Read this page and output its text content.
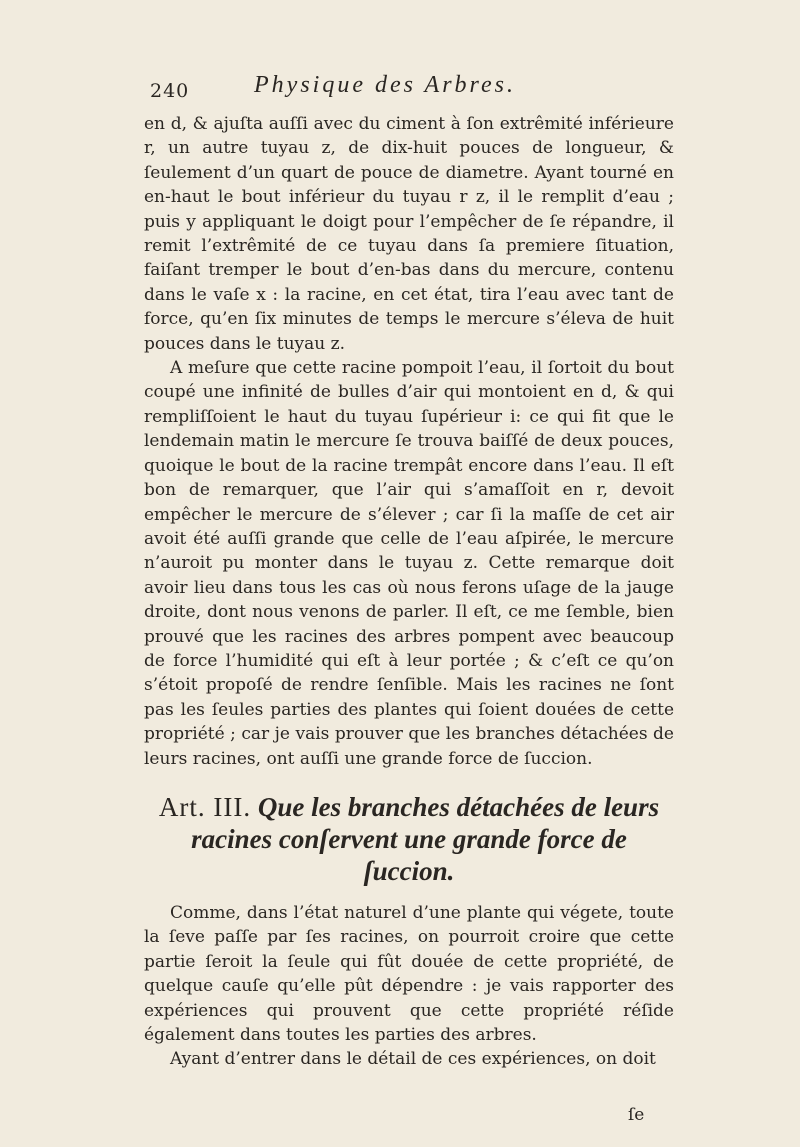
240	Physique des Arbres.

en d, & ajuſta auſſi avec du ciment à ſon extrêmité inférieure r, un autre tuyau z, de dix-huit pouces de longueur, & ſeulement d’un quart de pouce de diametre. Ayant tourné en en-haut le bout inférieur du tuyau r z, il le remplit d’eau ; puis y appliquant le doigt pour l’empêcher de ſe répandre, il remit l’extrêmité de ce tuyau dans ſa premiere ſituation, faiſant tremper le bout d’en-bas dans du mercure, contenu dans le vaſe x : la racine, en cet état, tira l’eau avec tant de force, qu’en ſix minutes de temps le mercure s’éleva de huit pouces dans le tuyau z.

A meſure que cette racine pompoit l’eau, il ſortoit du bout coupé une infinité de bulles d’air qui montoient en d, & qui rempliſſoient le haut du tuyau ſupérieur i: ce qui fit que le lendemain matin le mercure ſe trouva baiſſé de deux pouces, quoique le bout de la racine trempât encore dans l’eau. Il eſt bon de remarquer, que l’air qui s’amaſſoit en r, devoit empêcher le mercure de s’élever ; car ſi la maſſe de cet air avoit été auſſi grande que celle de l’eau aſpirée, le mercure n’auroit pu monter dans le tuyau z. Cette remarque doit avoir lieu dans tous les cas où nous ferons uſage de la jauge droite, dont nous venons de parler. Il eſt, ce me ſemble, bien prouvé que les racines des arbres pompent avec beaucoup de force l’humidité qui eſt à leur portée ; & c’eſt ce qu’on s’étoit propoſé de rendre ſenſible. Mais les racines ne ſont pas les ſeules parties des plantes qui ſoient douées de cette propriété ; car je vais prouver que les branches détachées de leurs racines, ont auſſi une grande force de ſuccion.

Art. III. Que les branches détachées de leurs racines conſervent une grande force de ſuccion.

Comme, dans l’état naturel d’une plante qui végete, toute la ſeve paſſe par ſes racines, on pourroit croire que cette partie ſeroit la ſeule qui fût douée de cette propriété, de quelque cauſe qu’elle pût dépendre : je vais rapporter des expériences qui prouvent que cette propriété réſide également dans toutes les parties des arbres.

Ayant d’entrer dans le détail de ces expériences, on doit

ſe
